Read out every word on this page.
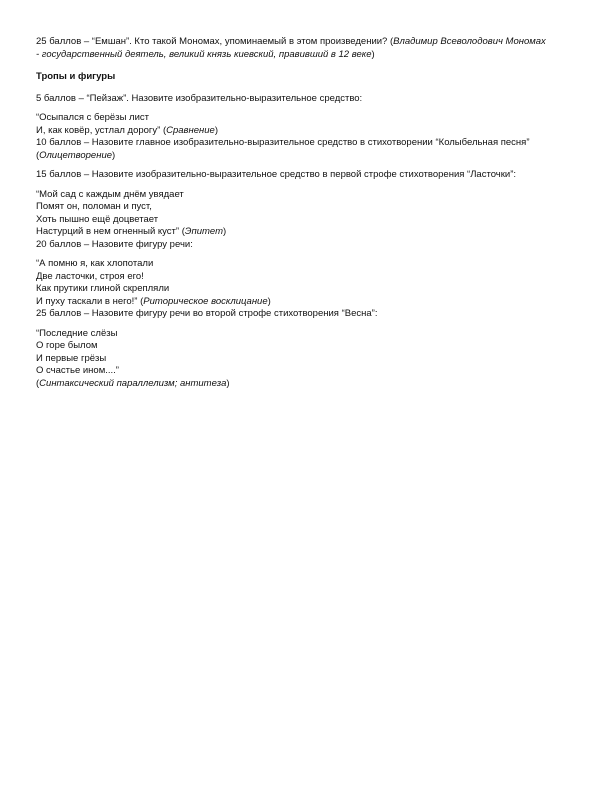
25 баллов – “Емшан”. Кто такой Мономах, упоминаемый в этом произведении? (Владимир Всеволодович Мономах
- государственный деятель, великий князь киевский, правивший в 12 веке)
Тропы и фигуры
5 баллов – “Пейзаж”. Назовите изобразительно-выразительное средство:
“Осыпался с берёзы лист
И, как ковёр, устлал дорогу” (Сравнение)
10 баллов – Назовите главное изобразительно-выразительное средство в стихотворении “Колыбельная песня”
(Олицетворение)
15 баллов – Назовите изобразительно-выразительное средство в первой строфе стихотворения “Ласточки”:
“Мой сад с каждым днём увядает
Помят он, поломан и пуст,
Хоть пышно ещё доцветает
Настурций в нем огненный куст” (Эпитет)
20 баллов – Назовите фигуру речи:
“А помню я, как хлопотали
Две ласточки, строя его!
Как прутики глиной скрепляли
И пуху таскали в него!” (Риторическое восклицание)
25 баллов – Назовите фигуру речи во второй строфе стихотворения “Весна”:
“Последние слёзы
О горе былом
И первые грёзы
О счастье ином....”
(Синтаксический параллелизм; антитеза)
